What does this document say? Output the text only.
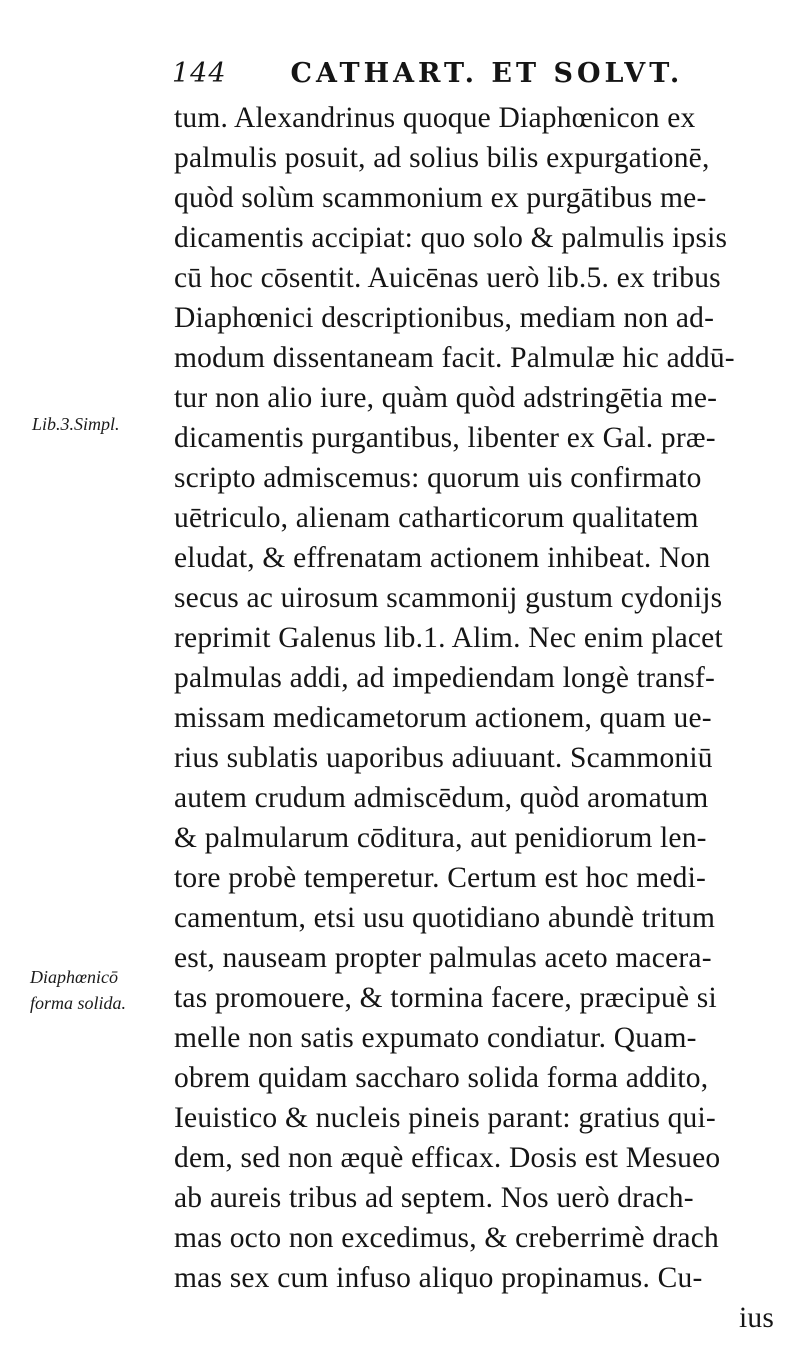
144 CATHART. ET SOLVT.
Lib.3.Simpl.
Diaphœnicō
forma solida.
tum. Alexandrinus quoque Diaphœnicon ex
palmulis posuit, ad solius bilis expurgationē,
quòd solùm scammonium ex purgātibus me-
dicamentis accipiat: quo solo & palmulis ipsis
cū hoc cōsentit. Auicēnas uerò lib.5. ex tribus
Diaphœnici descriptionibus, mediam non ad-
modum dissentaneam facit. Palmulæ hic addū-
tur non alio iure, quàm quòd adstringētia me-
dicamentis purgantibus, libenter ex Gal. præ-
scripto admiscemus: quorum uis confirmato
uētriculo, alienam catharticorum qualitatem
eludat, & effrenatam actionem inhibeat. Non
secus ac uirosum scammonij gustum cydonijs
reprimit Galenus lib.1. Alim. Nec enim placet
palmulas addi, ad impediendam longè transf-
missam medicametorum actionem, quam ue-
rius sublatis uaporibus adiuuant. Scammoniū
autem crudum admiscēdum, quòd aromatum
& palmularum cōditura, aut penidiorum len-
tore probè temperetur. Certum est hoc medi-
camentum, etsi usu quotidiano abundè tritum
est, nauseam propter palmulas aceto macera-
tas promouere, & tormina facere, præcipuè si
melle non satis expumato condiatur. Quam-
obrem quidam saccharo solida forma addito,
Ieuistico & nucleis pineis parant: gratius qui-
dem, sed non æquè efficax. Dosis est Mesueo
ab aureis tribus ad septem. Nos uerò drach-
mas octo non excedimus, & creberrimè drach
mas sex cum infuso aliquo propinamus. Cu-
ius
